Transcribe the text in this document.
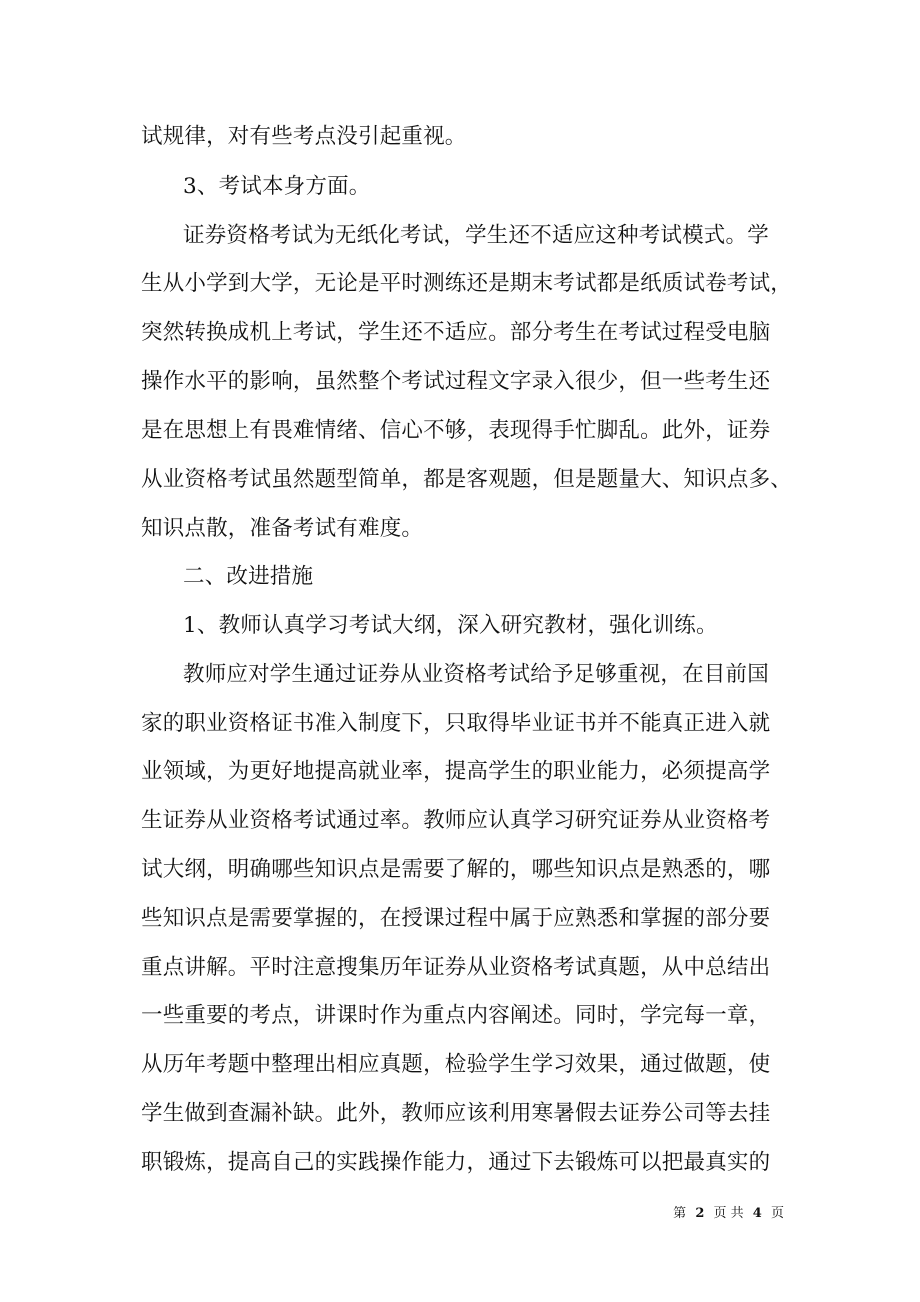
试规律，对有些考点没引起重视。
3、考试本身方面。
证券资格考试为无纸化考试，学生还不适应这种考试模式。学
生从小学到大学，无论是平时测练还是期末考试都是纸质试卷考试，
突然转换成机上考试，学生还不适应。部分考生在考试过程受电脑
操作水平的影响，虽然整个考试过程文字录入很少，但一些考生还
是在思想上有畏难情绪、信心不够，表现得手忙脚乱。此外，证券
从业资格考试虽然题型简单，都是客观题，但是题量大、知识点多、
知识点散，准备考试有难度。
二、改进措施
1、教师认真学习考试大纲，深入研究教材，强化训练。
教师应对学生通过证券从业资格考试给予足够重视，在目前国
家的职业资格证书准入制度下，只取得毕业证书并不能真正进入就
业领域，为更好地提高就业率，提高学生的职业能力，必须提高学
生证券从业资格考试通过率。教师应认真学习研究证券从业资格考
试大纲，明确哪些知识点是需要了解的，哪些知识点是熟悉的，哪
些知识点是需要掌握的，在授课过程中属于应熟悉和掌握的部分要
重点讲解。平时注意搜集历年证券从业资格考试真题，从中总结出
一些重要的考点，讲课时作为重点内容阐述。同时，学完每一章，
从历年考题中整理出相应真题，检验学生学习效果，通过做题，使
学生做到查漏补缺。此外，教师应该利用寒暑假去证券公司等去挂
职锻炼，提高自己的实践操作能力，通过下去锻炼可以把最真实的
第 2 页 共 4 页
